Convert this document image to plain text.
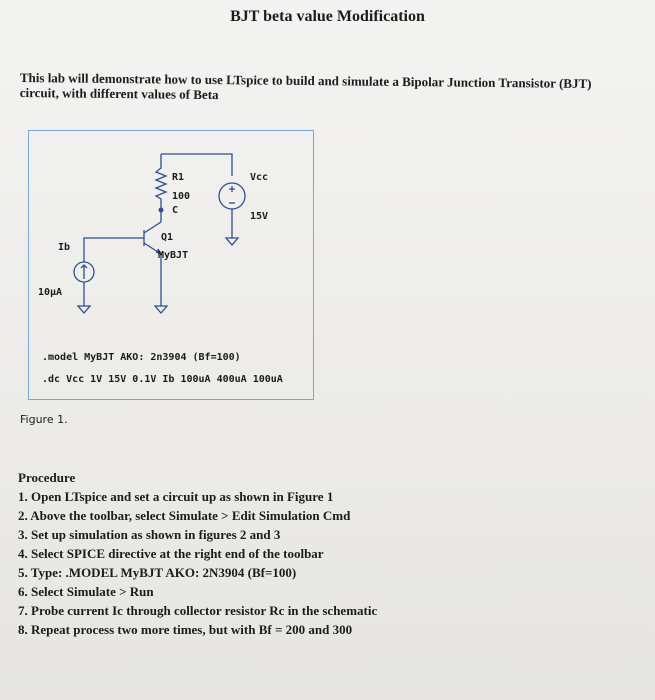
BJT beta value Modification
This lab will demonstrate how to use LTspice to build and simulate a Bipolar Junction Transistor (BJT) circuit, with different values of Beta
R1
100
C
Vcc
15V
Q1
MyBJT
Ib
10µA
.model MyBJT AKO: 2n3904 (Bf=100)
.dc Vcc 1V 15V 0.1V Ib 100uA 400uA 100uA
Figure 1.
Procedure
1. Open LTspice and set a circuit up as shown in Figure 1
2. Above the toolbar, select Simulate > Edit Simulation Cmd
3. Set up simulation as shown in figures 2 and 3
4. Select SPICE directive at the right end of the toolbar
5. Type: .MODEL MyBJT AKO: 2N3904 (Bf=100)
6. Select Simulate > Run
7. Probe current Ic through collector resistor Rc in the schematic
8. Repeat process two more times, but with Bf = 200 and 300
